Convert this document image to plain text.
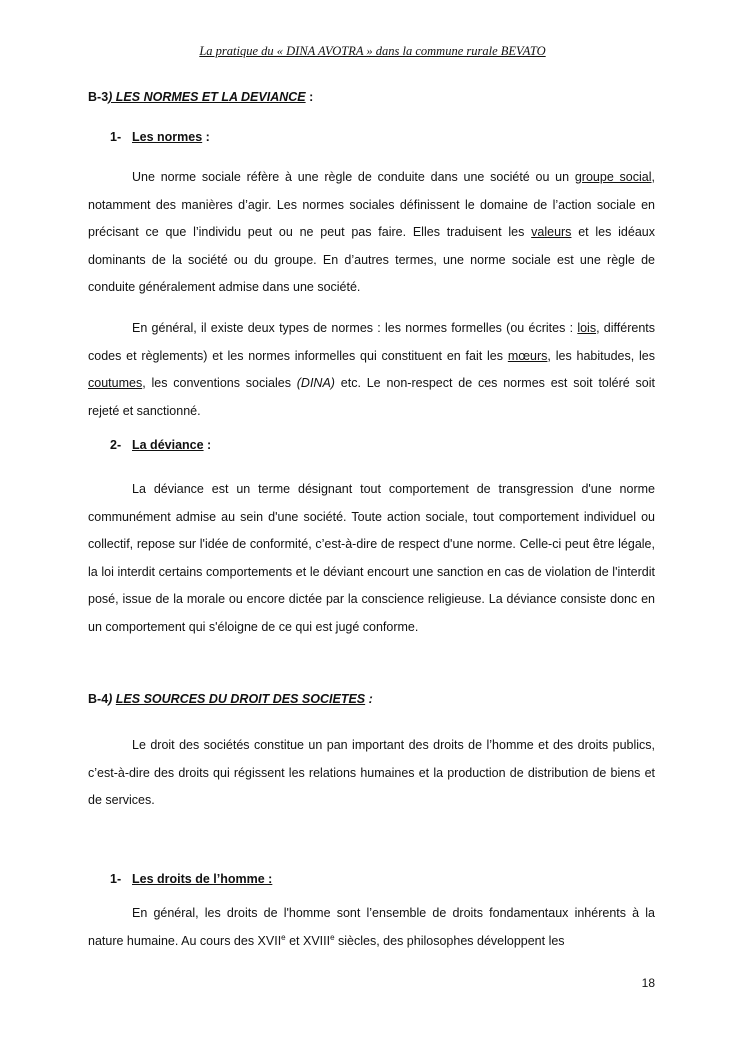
La pratique du « DINA AVOTRA » dans la commune rurale BEVATO
B-3) LES NORMES ET LA DEVIANCE :
1- Les normes :

Une norme sociale réfère à une règle de conduite dans une société ou un groupe social, notamment des manières d’agir. Les normes sociales définissent le domaine de l’action sociale en précisant ce que l’individu peut ou ne peut pas faire. Elles traduisent les valeurs et les idéaux dominants de la société ou du groupe. En d’autres termes, une norme sociale est une règle de conduite généralement admise dans une société.

En général, il existe deux types de normes : les normes formelles (ou écrites : lois, différents codes et règlements) et les normes informelles qui constituent en fait les mœurs, les habitudes, les coutumes, les conventions sociales (DINA) etc. Le non-respect de ces normes est soit toléré soit rejeté et sanctionné.

2- La déviance :

La déviance est un terme désignant tout comportement de transgression d'une norme communément admise au sein d'une société. Toute action sociale, tout comportement individuel ou collectif, repose sur l'idée de conformité, c’est-à-dire de respect d'une norme. Celle-ci peut être légale, la loi interdit certains comportements et le déviant encourt une sanction en cas de violation de l'interdit posé, issue de la morale ou encore dictée par la conscience religieuse. La déviance consiste donc en un comportement qui s'éloigne de ce qui est jugé conforme.

B-4) LES SOURCES DU DROIT DES SOCIETES :

Le droit des sociétés constitue un pan important des droits de l’homme et des droits publics, c’est-à-dire des droits qui régissent les relations humaines et la production de distribution de biens et de services.

1- Les droits de l’homme :

En général, les droits de l'homme sont l’ensemble de droits fondamentaux inhérents à la nature humaine. Au cours des XVIIe et XVIIIe siècles, des philosophes développent les

18
